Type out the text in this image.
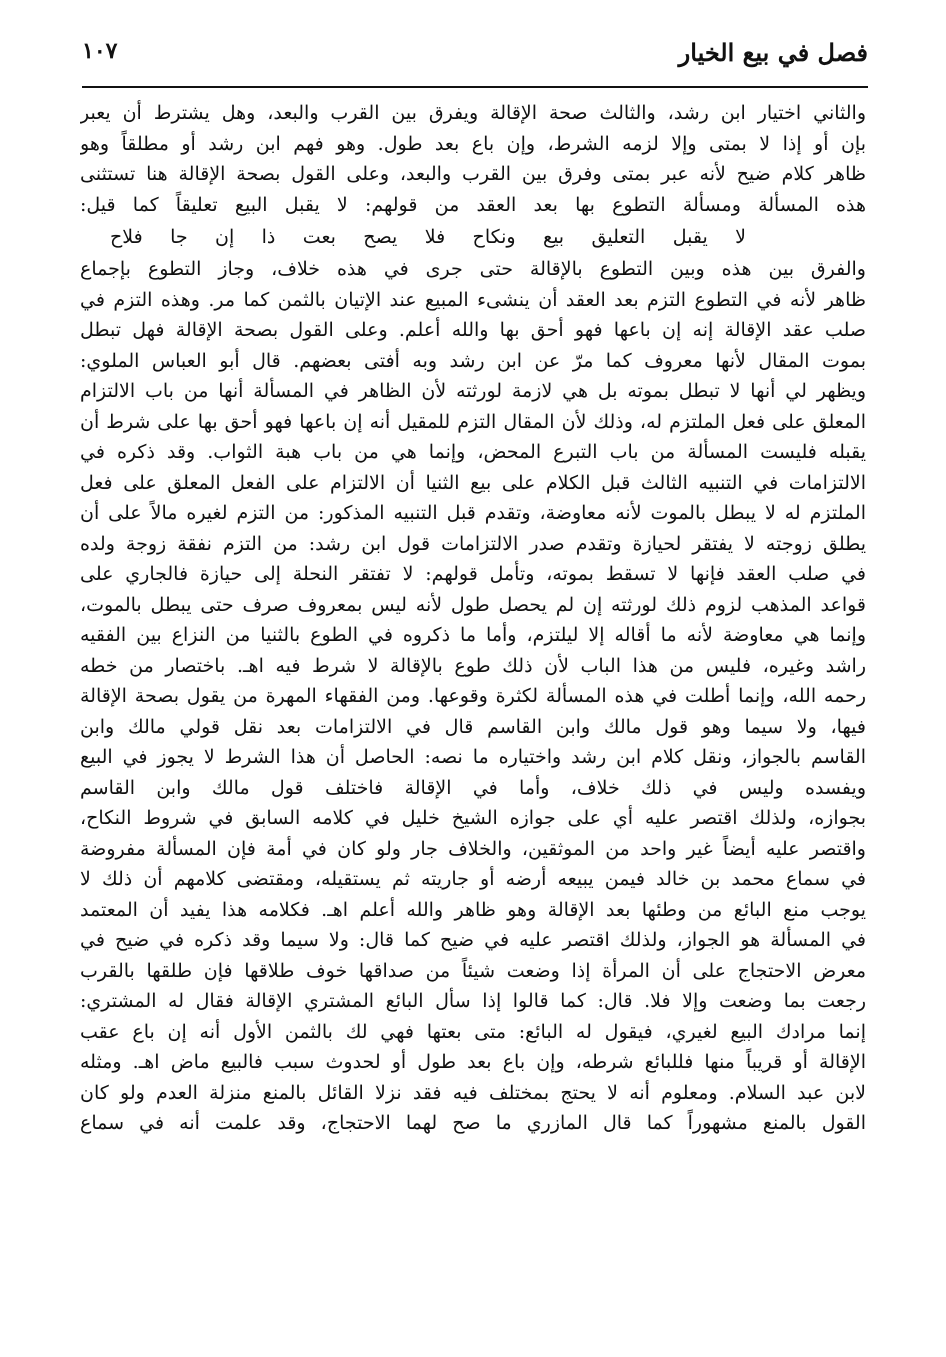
فصل في بيع الخيار
١٠٧
والثاني اختيار ابن رشد، والثالث صحة الإقالة ويفرق بين القرب والبعد، وهل يشترط أن يعبر
بإن أو إذا لا بمتى وإلا لزمه الشرط، وإن باع بعد طول. وهو فهم ابن رشد أو مطلقاً وهو
ظاهر كلام ضيح لأنه عبر بمتى وفرق بين القرب والبعد، وعلى القول بصحة الإقالة هنا تستثنى
هذه المسألة ومسألة التطوع بها بعد العقد من قولهم: لا يقبل البيع تعليقاً كما قيل:
لا يقبل التعليق بيع ونكاح فلا يصح بعت ذا إن جا فلاح
والفرق بين هذه وبين التطوع بالإقالة حتى جرى في هذه خلاف، وجاز التطوع بإجماع
ظاهر لأنه في التطوع التزم بعد العقد أن ينشىء المبيع عند الإتيان بالثمن كما مر. وهذه التزم في
صلب عقد الإقالة إنه إن باعها فهو أحق بها والله أعلم. وعلى القول بصحة الإقالة فهل تبطل
بموت المقال لأنها معروف كما مرّ عن ابن رشد وبه أفتى بعضهم. قال أبو العباس الملوي:
ويظهر لي أنها لا تبطل بموته بل هي لازمة لورثته لأن الظاهر في المسألة أنها من باب الالتزام
المعلق على فعل الملتزم له، وذلك لأن المقال التزم للمقيل أنه إن باعها فهو أحق بها على شرط أن
يقبله فليست المسألة من باب التبرع المحض، وإنما هي من باب هبة الثواب. وقد ذكره في
الالتزامات في التنبيه الثالث قبل الكلام على بيع الثنيا أن الالتزام على الفعل المعلق على فعل
الملتزم له لا يبطل بالموت لأنه معاوضة، وتقدم قبل التنبيه المذكور: من التزم لغيره مالاً على أن
يطلق زوجته لا يفتقر لحيازة وتقدم صدر الالتزامات قول ابن رشد: من التزم نفقة زوجة ولده
في صلب العقد فإنها لا تسقط بموته، وتأمل قولهم: لا تفتقر النحلة إلى حيازة فالجاري على
قواعد المذهب لزوم ذلك لورثته إن لم يحصل طول لأنه ليس بمعروف صرف حتى يبطل بالموت،
وإنما هي معاوضة لأنه ما أقاله إلا ليلتزم، وأما ما ذكروه في الطوع بالثنيا من النزاع بين الفقيه
راشد وغيره، فليس من هذا الباب لأن ذلك طوع بالإقالة لا شرط فيه اهـ. باختصار من خطه
رحمه الله، وإنما أطلت في هذه المسألة لكثرة وقوعها. ومن الفقهاء المهرة من يقول بصحة الإقالة
فيها، ولا سيما وهو قول مالك وابن القاسم قال في الالتزامات بعد نقل قولي مالك وابن
القاسم بالجواز، ونقل كلام ابن رشد واختياره ما نصه: الحاصل أن هذا الشرط لا يجوز في البيع
ويفسده وليس في ذلك خلاف، وأما في الإقالة فاختلف قول مالك وابن القاسم
بجوازه، ولذلك اقتصر عليه أي على جوازه الشيخ خليل في كلامه السابق في شروط النكاح،
واقتصر عليه أيضاً غير واحد من الموثقين، والخلاف جار ولو كان في أمة فإن المسألة مفروضة
في سماع محمد بن خالد فيمن يبيعه أرضه أو جاريته ثم يستقيله، ومقتضى كلامهم أن ذلك لا
يوجب منع البائع من وطئها بعد الإقالة وهو ظاهر والله أعلم اهـ. فكلامه هذا يفيد أن المعتمد
في المسألة هو الجواز، ولذلك اقتصر عليه في ضيح كما قال: ولا سيما وقد ذكره في ضيح في
معرض الاحتجاج على أن المرأة إذا وضعت شيئاً من صداقها خوف طلاقها فإن طلقها بالقرب
رجعت بما وضعت وإلا فلا. قال: كما قالوا إذا سأل البائع المشتري الإقالة فقال له المشتري:
إنما مرادك البيع لغيري، فيقول له البائع: متى بعتها فهي لك بالثمن الأول أنه إن باع عقب
الإقالة أو قريباً منها فللبائع شرطه، وإن باع بعد طول أو لحدوث سبب فالبيع ماض اهـ. ومثله
لابن عبد السلام. ومعلوم أنه لا يحتج بمختلف فيه فقد نزلا القائل بالمنع منزلة العدم ولو كان
القول بالمنع مشهوراً كما قال المازري ما صح لهما الاحتجاج، وقد علمت أنه في سماع
